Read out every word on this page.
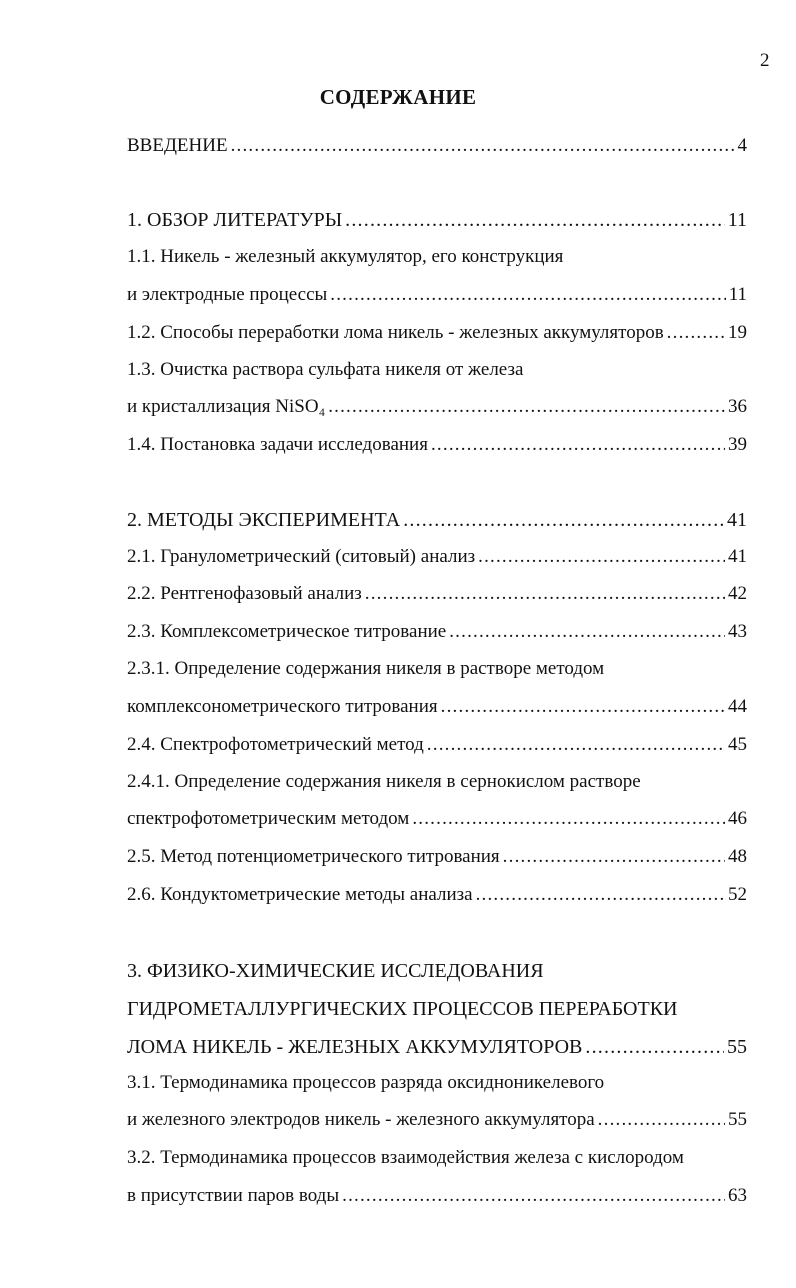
2
СОДЕРЖАНИЕ
ВВЕДЕНИЕ .....	4
1. ОБЗОР ЛИТЕРАТУРЫ .....	11
1.1. Никель - железный аккумулятор, его конструкция
и электродные процессы .....	11
1.2. Способы переработки лома никель - железных аккумуляторов .....	19
1.3. Очистка раствора сульфата никеля от железа
и кристаллизация NiSO₄ .....	36
1.4. Постановка задачи исследования .....	39
2. МЕТОДЫ ЭКСПЕРИМЕНТА .....	41
2.1. Гранулометрический (ситовый) анализ .....	41
2.2. Рентгенофазовый анализ .....	42
2.3. Комплексометрическое титрование .....	43
2.3.1. Определение содержания никеля в растворе методом
комплексонометрического титрования .....	44
2.4. Спектрофотометрический метод .....	45
2.4.1. Определение содержания никеля в сернокислом растворе
спектрофотометрическим методом .....	46
2.5. Метод потенциометрического титрования .....	48
2.6. Кондуктометрические методы анализа .....	52
3. ФИЗИКО-ХИМИЧЕСКИЕ ИССЛЕДОВАНИЯ
ГИДРОМЕТАЛЛУРГИЧЕСКИХ ПРОЦЕССОВ ПЕРЕРАБОТКИ
ЛОМА НИКЕЛЬ - ЖЕЛЕЗНЫХ АККУМУЛЯТОРОВ .....	55
3.1. Термодинамика процессов разряда оксидноникелевого
и железного электродов никель - железного аккумулятора .....	55
3.2. Термодинамика процессов взаимодействия железа с кислородом
в присутствии паров воды .....	63
